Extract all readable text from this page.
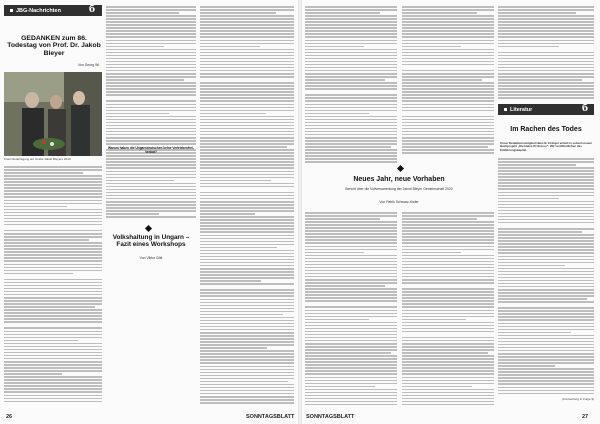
JBG-Nachrichten	б
GEDANKEN zum 86. Todestag von Prof. Dr. Jakob Bleyer
Von Georg Wi.
Kranzniederlegung am Grabe Jakob Bleyers 2019
Warum haben die Ungarndeutschen keine Vertriebenfrei-Verbot?
Volkshaltung in Ungarn – Fazit eines Workshops
Von Viktor Gött
26	SONNTAGSBLATT
Neues Jahr, neue Vorhaben
Bericht über die Vollversammlung der Jakob Bleyer Gemeinschaft 2020
Von Patrik Schwarz-Kiefer
Literatur	б
Im Rachen des Todes
Unser Redaktionsmitglied Hans B. Eiringer erhielt in seinem neuen Buchprojekt „Die kleine Professor“. Wir veröffentlichen das Einführungskapitel.
(Fortsetzung in Folge 9)
SONNTAGSBLATT	27
